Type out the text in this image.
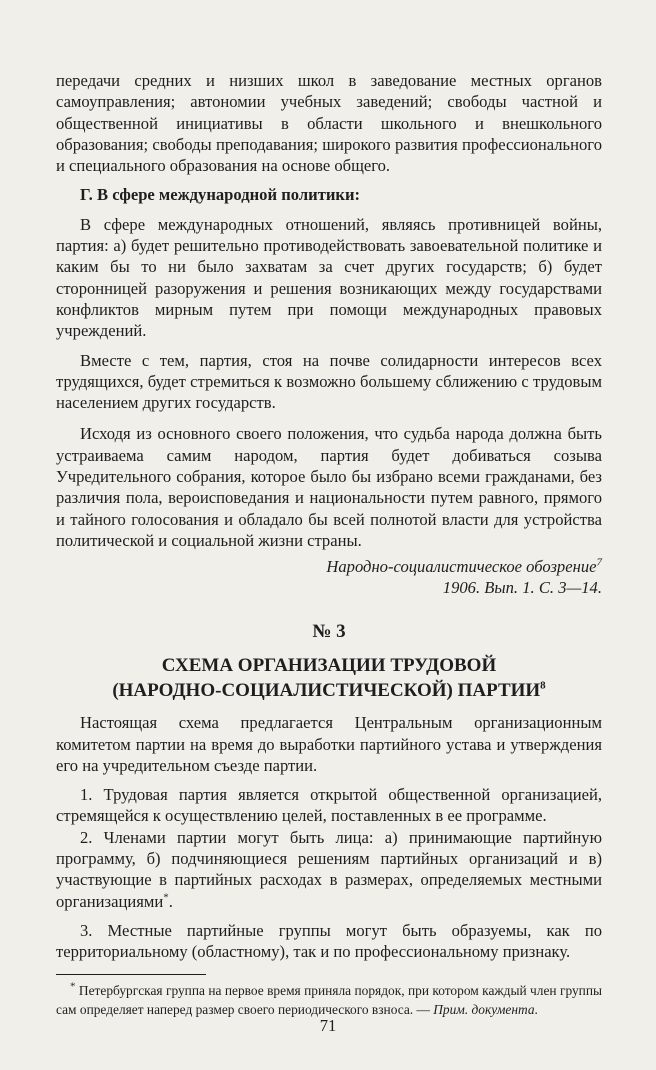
передачи средних и низших школ в заведование местных органов самоуправления; автономии учебных заведений; свободы частной и общественной инициативы в области школьного и внешкольного образования; свободы преподавания; широкого развития профессионального и специального образования на основе общего.

Г. В сфере международной политики:

В сфере международных отношений, являясь противницей войны, партия: а) будет решительно противодействовать завоевательной политике и каким бы то ни было захватам за счет других государств; б) будет сторонницей разоружения и решения возникающих между государствами конфликтов мирным путем при помощи международных правовых учреждений.

Вместе с тем, партия, стоя на почве солидарности интересов всех трудящихся, будет стремиться к возможно большему сближению с трудовым населением других государств.

Исходя из основного своего положения, что судьба народа должна быть устраиваема самим народом, партия будет добиваться созыва Учредительного собрания, которое было бы избрано всеми гражданами, без различия пола, вероисповедания и национальности путем равного, прямого и тайного голосования и обладало бы всей полнотой власти для устройства политической и социальной жизни страны.

Народно-социалистическое обозрение$^7$
1906. Вып. 1. С. 3—14.
№ 3
СХЕМА ОРГАНИЗАЦИИ ТРУДОВОЙ
(НАРОДНО-СОЦИАЛИСТИЧЕСКОЙ) ПАРТИИ$^8$

Настоящая схема предлагается Центральным организационным комитетом партии на время до выработки партийного устава и утверждения его на учредительном съезде партии.

1. Трудовая партия является открытой общественной организацией, стремящейся к осуществлению целей, поставленных в ее программе.

2. Членами партии могут быть лица: а) принимающие партийную программу, б) подчиняющиеся решениям партийных организаций и в) участвующие в партийных расходах в размерах, определяемых местными организациями*.

3. Местные партийные группы могут быть образуемы, как по территориальному (областному), так и по профессиональному признаку.

* Петербургская группа на первое время приняла порядок, при котором каждый член группы сам определяет наперед размер своего периодического взноса. — Прим. документа.

71
